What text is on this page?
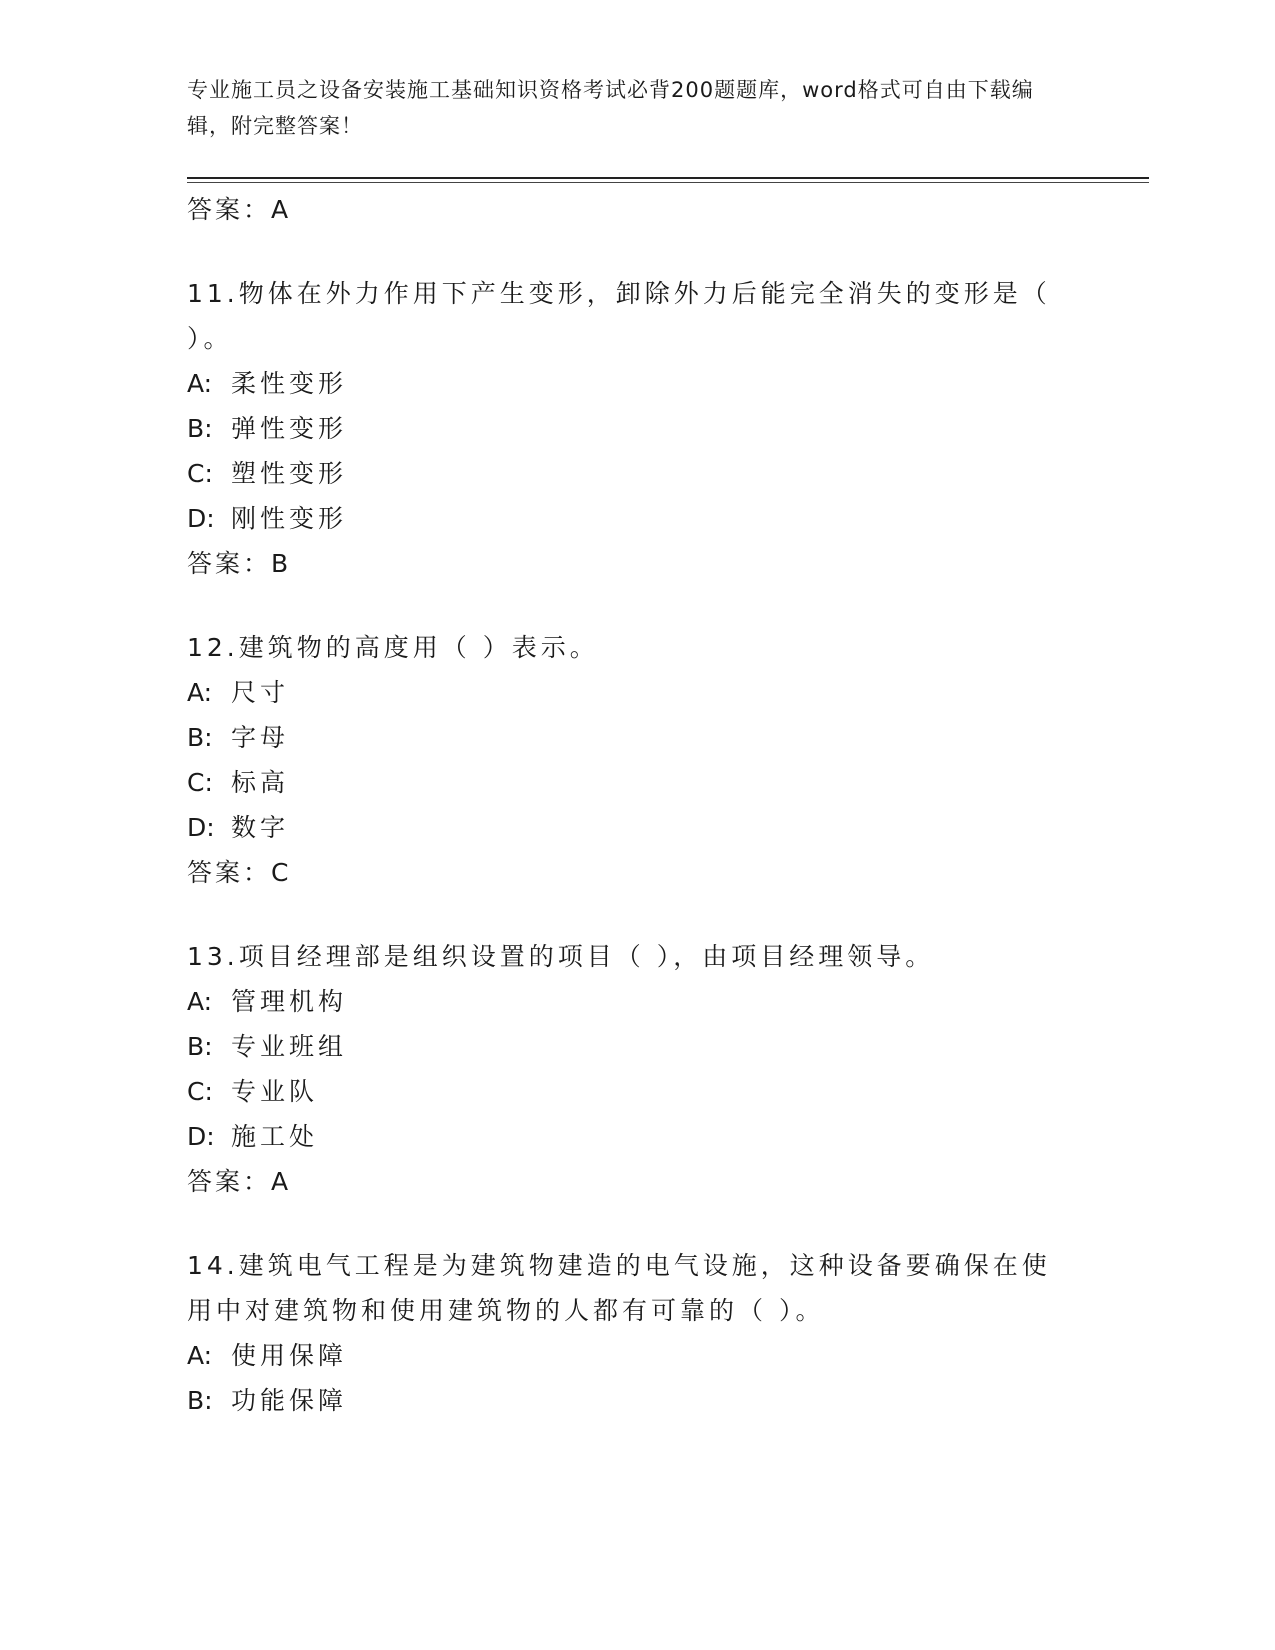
专业施工员之设备安装施工基础知识资格考试必背200题题库，word格式可自由下载编辑，附完整答案！
答案：A
11.物体在外力作用下产生变形，卸除外力后能完全消失的变形是（ ）。
A: 柔性变形
B: 弹性变形
C: 塑性变形
D: 刚性变形
答案：B
12.建筑物的高度用（ ）表示。
A: 尺寸
B: 字母
C: 标高
D: 数字
答案：C
13.项目经理部是组织设置的项目（ ），由项目经理领导。
A: 管理机构
B: 专业班组
C: 专业队
D: 施工处
答案：A
14.建筑电气工程是为建筑物建造的电气设施，这种设备要确保在使用中对建筑物和使用建筑物的人都有可靠的（ ）。
A: 使用保障
B: 功能保障
